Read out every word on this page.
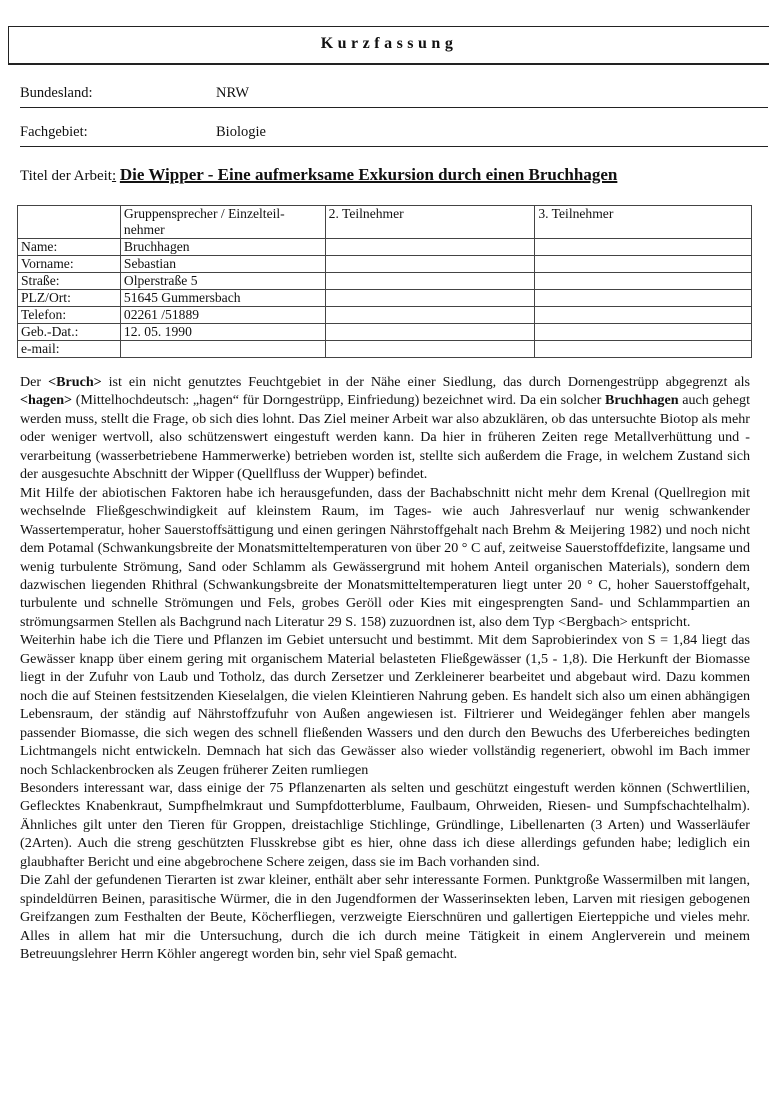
Kurzfassung
Bundesland:	NRW
Fachgebiet:	Biologie
Titel der Arbeit: Die Wipper - Eine aufmerksame Exkursion durch einen Bruchhagen
	Gruppensprecher / Einzelteil-nehmer	2. Teilnehmer	3. Teilnehmer
Name:	Bruchhagen		
Vorname:	Sebastian		
Straße:	Olperstraße 5		
PLZ/Ort:	51645 Gummersbach		
Telefon:	02261 /51889		
Geb.-Dat.:	12. 05. 1990		
e-mail:			

Der <Bruch> ist ein nicht genutztes Feuchtgebiet in der Nähe einer Siedlung, das durch Dornengestrüpp abgegrenzt als <hagen> (Mittelhochdeutsch: „hagen“ für Dorngestrüpp, Einfriedung) bezeichnet wird. Da ein solcher Bruchhagen auch gehegt werden muss, stellt die Frage, ob sich dies lohnt. Das Ziel meiner Arbeit war also abzuklären, ob das untersuchte Biotop als mehr oder weniger wertvoll, also schützenswert eingestuft werden kann. Da hier in früheren Zeiten rege Metallverhüttung und -verarbeitung (wasserbetriebene Hammerwerke) betrieben worden ist, stellte sich außerdem die Frage, in welchem Zustand sich der ausgesuchte Abschnitt der Wipper (Quellfluss der Wupper) befindet.

Mit Hilfe der abiotischen Faktoren habe ich herausgefunden, dass der Bachabschnitt nicht mehr dem Krenal (Quellregion mit wechselnde Fließgeschwindigkeit auf kleinstem Raum, im Tages- wie auch Jahresverlauf nur wenig schwankender Wassertemperatur, hoher Sauerstoffsättigung und einen geringen Nährstoffgehalt nach Brehm & Meijering 1982) und noch nicht dem Potamal (Schwankungsbreite der Monatsmitteltemperaturen von über 20 ° C auf, zeitweise Sauerstoffdefizite, langsame und wenig turbulente Strömung, Sand oder Schlamm als Gewässergrund mit hohem Anteil organischen Materials), sondern dem dazwischen liegenden Rhithral (Schwankungsbreite der Monatsmitteltemperaturen liegt unter 20 ° C, hoher Sauerstoffgehalt, turbulente und schnelle Strömungen und Fels, grobes Geröll oder Kies mit eingesprengten Sand- und Schlammpartien an strömungsarmen Stellen als Bachgrund nach Literatur 29 S. 158) zuzuordnen ist, also dem Typ <Bergbach> entspricht.

Weiterhin habe ich die Tiere und Pflanzen im Gebiet untersucht und bestimmt. Mit dem Saprobierindex von S = 1,84 liegt das Gewässer knapp über einem gering mit organischem Material belasteten Fließgewässer (1,5 - 1,8). Die Herkunft der Biomasse liegt in der Zufuhr von Laub und Totholz, das durch Zersetzer und Zerkleinerer bearbeitet und abgebaut wird. Dazu kommen noch die auf Steinen festsitzenden Kieselalgen, die vielen Kleintieren Nahrung geben. Es handelt sich also um einen abhängigen Lebensraum, der ständig auf Nährstoffzufuhr von Außen angewiesen ist. Filtrierer und Weidegänger fehlen aber mangels passender Biomasse, die sich wegen des schnell fließenden Wassers und den durch den Bewuchs des Uferbereiches bedingten Lichtmangels nicht entwickeln. Demnach hat sich das Gewässer also wieder vollständig regeneriert, obwohl im Bach immer noch Schlackenbrocken als Zeugen früherer Zeiten rumliegen

Besonders interessant war, dass einige der 75 Pflanzenarten als selten und geschützt eingestuft werden können (Schwertlilien, Geflecktes Knabenkraut, Sumpfhelmkraut und Sumpfdotterblume, Faulbaum, Ohrweiden, Riesen- und Sumpfschachtelhalm). Ähnliches gilt unter den Tieren für Groppen, dreistachlige Stichlinge, Gründlinge, Libellenarten (3 Arten) und Wasserläufer (2Arten). Auch die streng geschützten Flusskrebse gibt es hier, ohne dass ich diese allerdings gefunden habe; lediglich ein glaubhafter Bericht und eine abgebrochene Schere zeigen, dass sie im Bach vorhanden sind.

Die Zahl der gefundenen Tierarten ist zwar kleiner, enthält aber sehr interessante Formen. Punktgroße Wassermilben mit langen, spindeldürren Beinen, parasitische Würmer, die in den Jugendformen der Wasserinsekten leben, Larven mit riesigen gebogenen Greifzangen zum Festhalten der Beute, Köcherfliegen, verzweigte Eierschnüren und gallertigen Eierteppiche und vieles mehr. Alles in allem hat mir die Untersuchung, durch die ich durch meine Tätigkeit in einem Anglerverein und meinem Betreuungslehrer Herrn Köhler angeregt worden bin, sehr viel Spaß gemacht.
